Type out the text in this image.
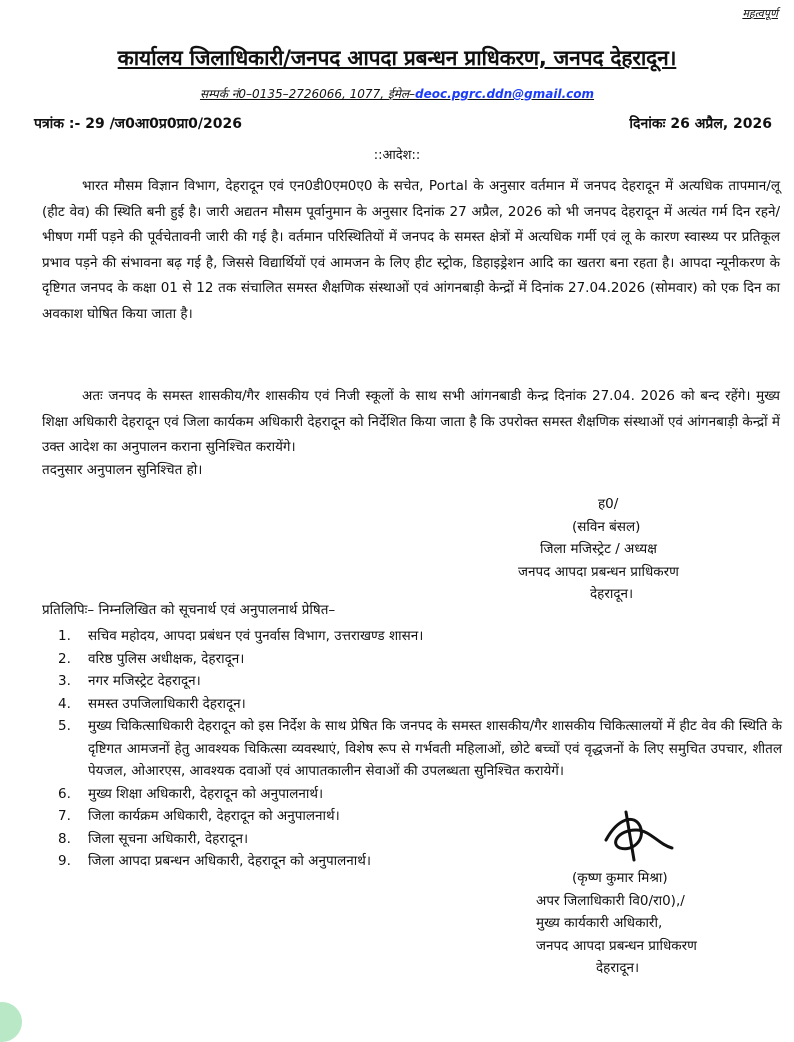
महत्वपूर्ण
कार्यालय जिलाधिकारी/जनपद आपदा प्रबन्धन प्राधिकरण, जनपद देहरादून।
सम्पर्क नं0–0135–2726066, 1077, ईमेल–deoc.pgrc.ddn@gmail.com
पत्रांक :- 29 /ज0आ0प्र0प्रा0/2026	दिनांकः 26 अप्रैल, 2026
::आदेश::
भारत मौसम विज्ञान विभाग, देहरादून एवं एन0डी0एम0ए0 के सचेत, Portal के अनुसार वर्तमान में जनपद देहरादून में अत्यधिक तापमान/लू (हीट वेव) की स्थिति बनी हुई है। जारी अद्यतन मौसम पूर्वानुमान के अनुसार दिनांक 27 अप्रैल, 2026 को भी जनपद देहरादून में अत्यंत गर्म दिन रहने/भीषण गर्मी पड़ने की पूर्वचेतावनी जारी की गई है। वर्तमान परिस्थितियों में जनपद के समस्त क्षेत्रों में अत्यधिक गर्मी एवं लू के कारण स्वास्थ्य पर प्रतिकूल प्रभाव पड़ने की संभावना बढ़ गई है, जिससे विद्यार्थियों एवं आमजन के लिए हीट स्ट्रोक, डिहाइड्रेशन आदि का खतरा बना रहता है। आपदा न्यूनीकरण के दृष्टिगत जनपद के कक्षा 01 से 12 तक संचालित समस्त शैक्षणिक संस्थाओं एवं आंगनबाड़ी केन्द्रों में दिनांक 27.04.2026 (सोमवार) को एक दिन का अवकाश घोषित किया जाता है।
अतः जनपद के समस्त शासकीय/गैर शासकीय एवं निजी स्कूलों के साथ सभी आंगनबाडी केन्द्र दिनांक 27.04. 2026 को बन्द रहेंगे। मुख्य शिक्षा अधिकारी देहरादून एवं जिला कार्यकम अधिकारी देहरादून को निर्देशित किया जाता है कि उपरोक्त समस्त शैक्षणिक संस्थाओं एवं आंगनबाड़ी केन्द्रों में उक्त आदेश का अनुपालन कराना सुनिश्चित करायेंगे।
तदनुसार अनुपालन सुनिश्चित हो।
ह0/
(सविन बंसल)
जिला मजिस्ट्रेट / अध्यक्ष
जनपद आपदा प्रबन्धन प्राधिकरण
देहरादून।
प्रतिलिपिः– निम्नलिखित को सूचनार्थ एवं अनुपालनार्थ प्रेषित–
1.	सचिव महोदय, आपदा प्रबंधन एवं पुनर्वास विभाग, उत्तराखण्ड शासन।
2.	वरिष्ठ पुलिस अधीक्षक, देहरादून।
3.	नगर मजिस्ट्रेट देहरादून।
4.	समस्त उपजिलाधिकारी देहरादून।
5.	मुख्य चिकित्साधिकारी देहरादून को इस निर्देश के साथ प्रेषित कि जनपद के समस्त शासकीय/गैर शासकीय चिकित्सालयों में हीट वेव की स्थिति के दृष्टिगत आमजनों हेतु आवश्यक चिकित्सा व्यवस्थाएं, विशेष रूप से गर्भवती महिलाओं, छोटे बच्चों एवं वृद्धजनों के लिए समुचित उपचार, शीतल पेयजल, ओआरएस, आवश्यक दवाओं एवं आपातकालीन सेवाओं की उपलब्धता सुनिश्चित करायेगें।
6.	मुख्य शिक्षा अधिकारी, देहरादून को अनुपालनार्थ।
7.	जिला कार्यक्रम अधिकारी, देहरादून को अनुपालनार्थ।
8.	जिला सूचना अधिकारी, देहरादून।
9.	जिला आपदा प्रबन्धन अधिकारी, देहरादून को अनुपालनार्थ।
(कृष्ण कुमार मिश्रा)
अपर जिलाधिकारी वि0/रा0),/
मुख्य कार्यकारी अधिकारी,
जनपद आपदा प्रबन्धन प्राधिकरण
देहरादून।
